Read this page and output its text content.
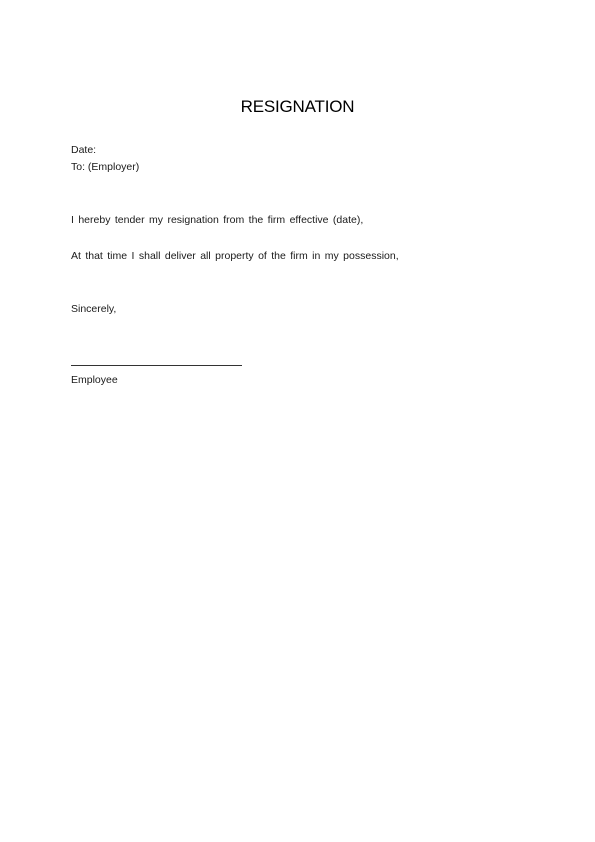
RESIGNATION
Date:
To: (Employer)
I hereby tender my resignation from the firm effective (date),
At that time I shall deliver all property of the firm in my possession,
Sincerely,
Employee
